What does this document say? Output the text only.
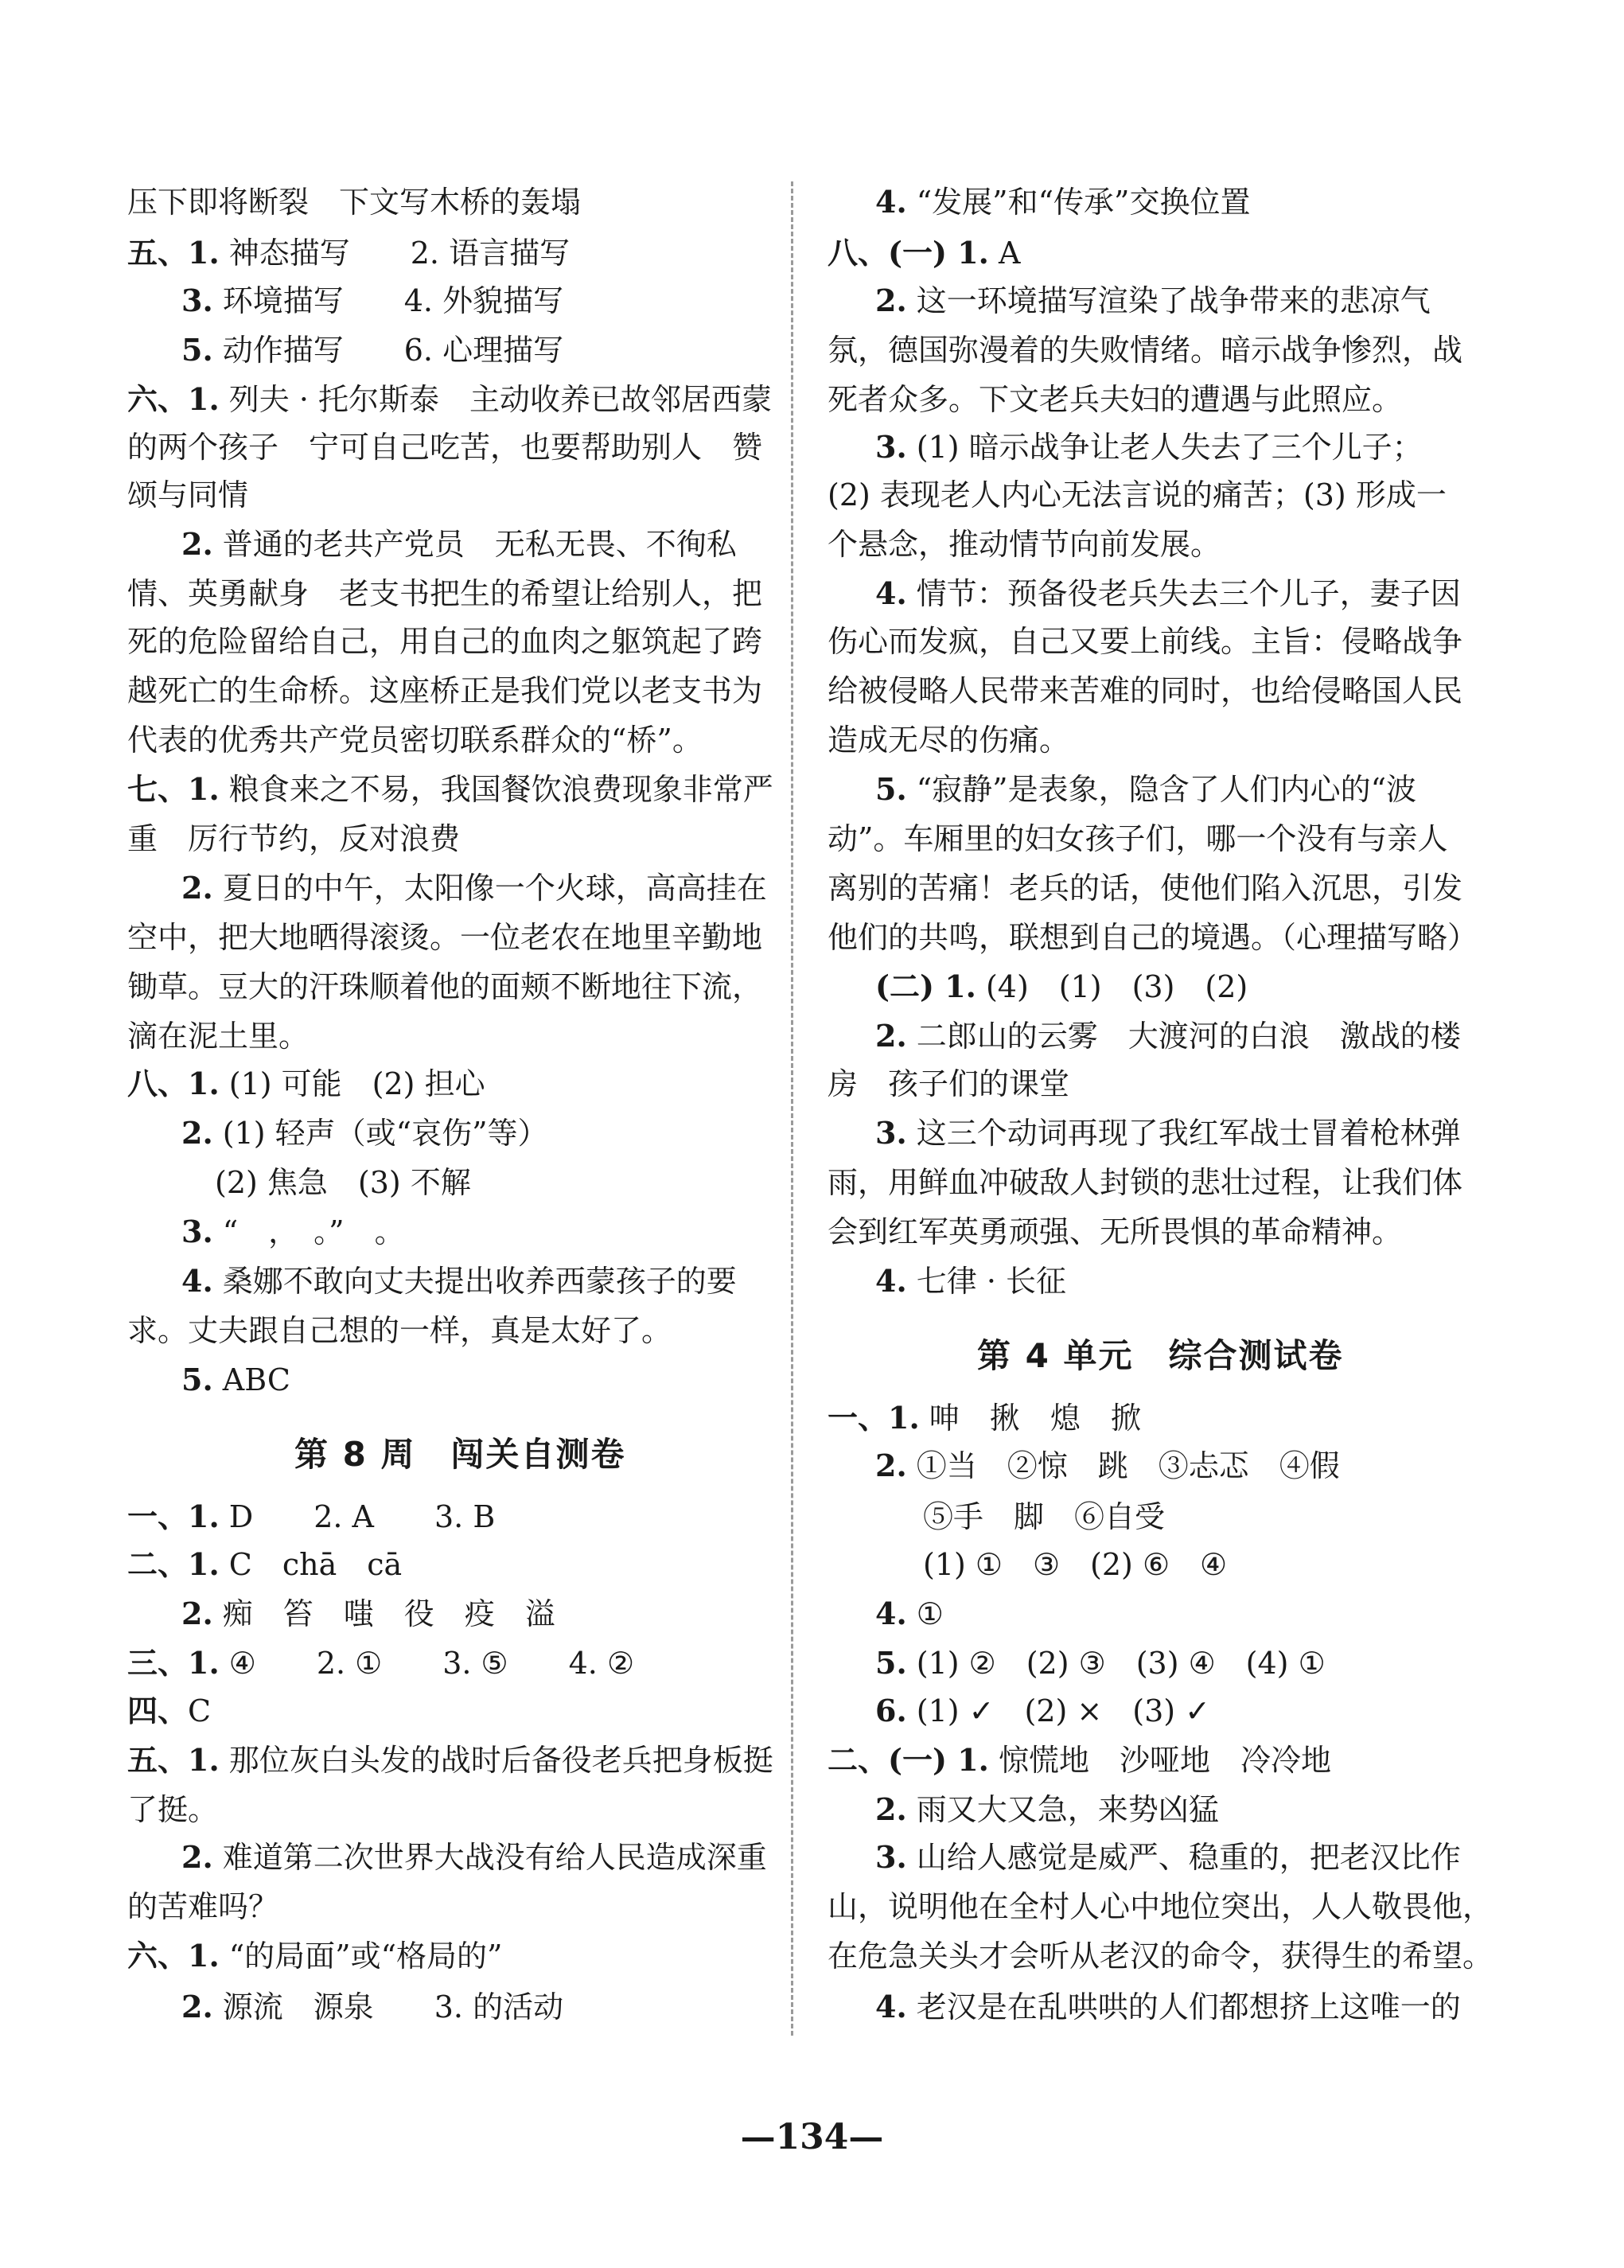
压下即将断裂　下文写木桥的轰塌
五、1. 神态描写　　2. 语言描写
3. 环境描写　　4. 外貌描写
5. 动作描写　　6. 心理描写
六、1. 列夫 · 托尔斯泰　主动收养已故邻居西蒙
的两个孩子　宁可自己吃苦，也要帮助别人　赞
颂与同情
2. 普通的老共产党员　无私无畏、不徇私
情、英勇献身　老支书把生的希望让给别人，把
死的危险留给自己，用自己的血肉之躯筑起了跨
越死亡的生命桥。这座桥正是我们党以老支书为
代表的优秀共产党员密切联系群众的“桥”。
七、1. 粮食来之不易，我国餐饮浪费现象非常严
重　厉行节约，反对浪费
2. 夏日的中午，太阳像一个火球，高高挂在
空中，把大地晒得滚烫。一位老农在地里辛勤地
锄草。豆大的汗珠顺着他的面颊不断地往下流，
滴在泥土里。
八、1. (1) 可能　(2) 担心
2. (1) 轻声（或“哀伤”等）
(2) 焦急　(3) 不解
3. “　，　。”　。
4. 桑娜不敢向丈夫提出收养西蒙孩子的要
求。丈夫跟自己想的一样，真是太好了。
5. ABC
一、1. D　　2. A　　3. B
二、1. C　chā　cā
2. 痴　笞　嗤　役　疫　溢
三、1. ④　　2. ①　　3. ⑤　　4. ②
四、C
五、1. 那位灰白头发的战时后备役老兵把身板挺
了挺。
2. 难道第二次世界大战没有给人民造成深重
的苦难吗？
六、1. “的局面”或“格局的”
2. 源流　源泉　　3. 的活动
第 8 周　闯关自测卷
4. “发展”和“传承”交换位置
八、(一) 1. A
2. 这一环境描写渲染了战争带来的悲凉气
氛，德国弥漫着的失败情绪。暗示战争惨烈，战
死者众多。下文老兵夫妇的遭遇与此照应。
3. (1) 暗示战争让老人失去了三个儿子；
(2) 表现老人内心无法言说的痛苦；(3) 形成一
个悬念，推动情节向前发展。
4. 情节：预备役老兵失去三个儿子，妻子因
伤心而发疯，自己又要上前线。主旨：侵略战争
给被侵略人民带来苦难的同时，也给侵略国人民
造成无尽的伤痛。
5. “寂静”是表象，隐含了人们内心的“波
动”。车厢里的妇女孩子们，哪一个没有与亲人
离别的苦痛！老兵的话，使他们陷入沉思，引发
他们的共鸣，联想到自己的境遇。（心理描写略）
(二) 1. (4)　(1)　(3)　(2)
2. 二郎山的云雾　大渡河的白浪　激战的楼
房　孩子们的课堂
3. 这三个动词再现了我红军战士冒着枪林弹
雨，用鲜血冲破敌人封锁的悲壮过程，让我们体
会到红军英勇顽强、无所畏惧的革命精神。
4. 七律 · 长征
一、1. 呻　揪　熄　掀
2. ①当　②惊　跳　③忐忑　④假
⑤手　脚　⑥自受
(1) ①　③　(2) ⑥　④
4. ①
5. (1) ②　(2) ③　(3) ④　(4) ①
6. (1) ✓　(2) ×　(3) ✓
二、(一) 1. 惊慌地　沙哑地　冷冷地
2. 雨又大又急，来势凶猛
3. 山给人感觉是威严、稳重的，把老汉比作
山，说明他在全村人心中地位突出，人人敬畏他，
在危急关头才会听从老汉的命令，获得生的希望。
4. 老汉是在乱哄哄的人们都想挤上这唯一的
第 4 单元　综合测试卷
—134—
